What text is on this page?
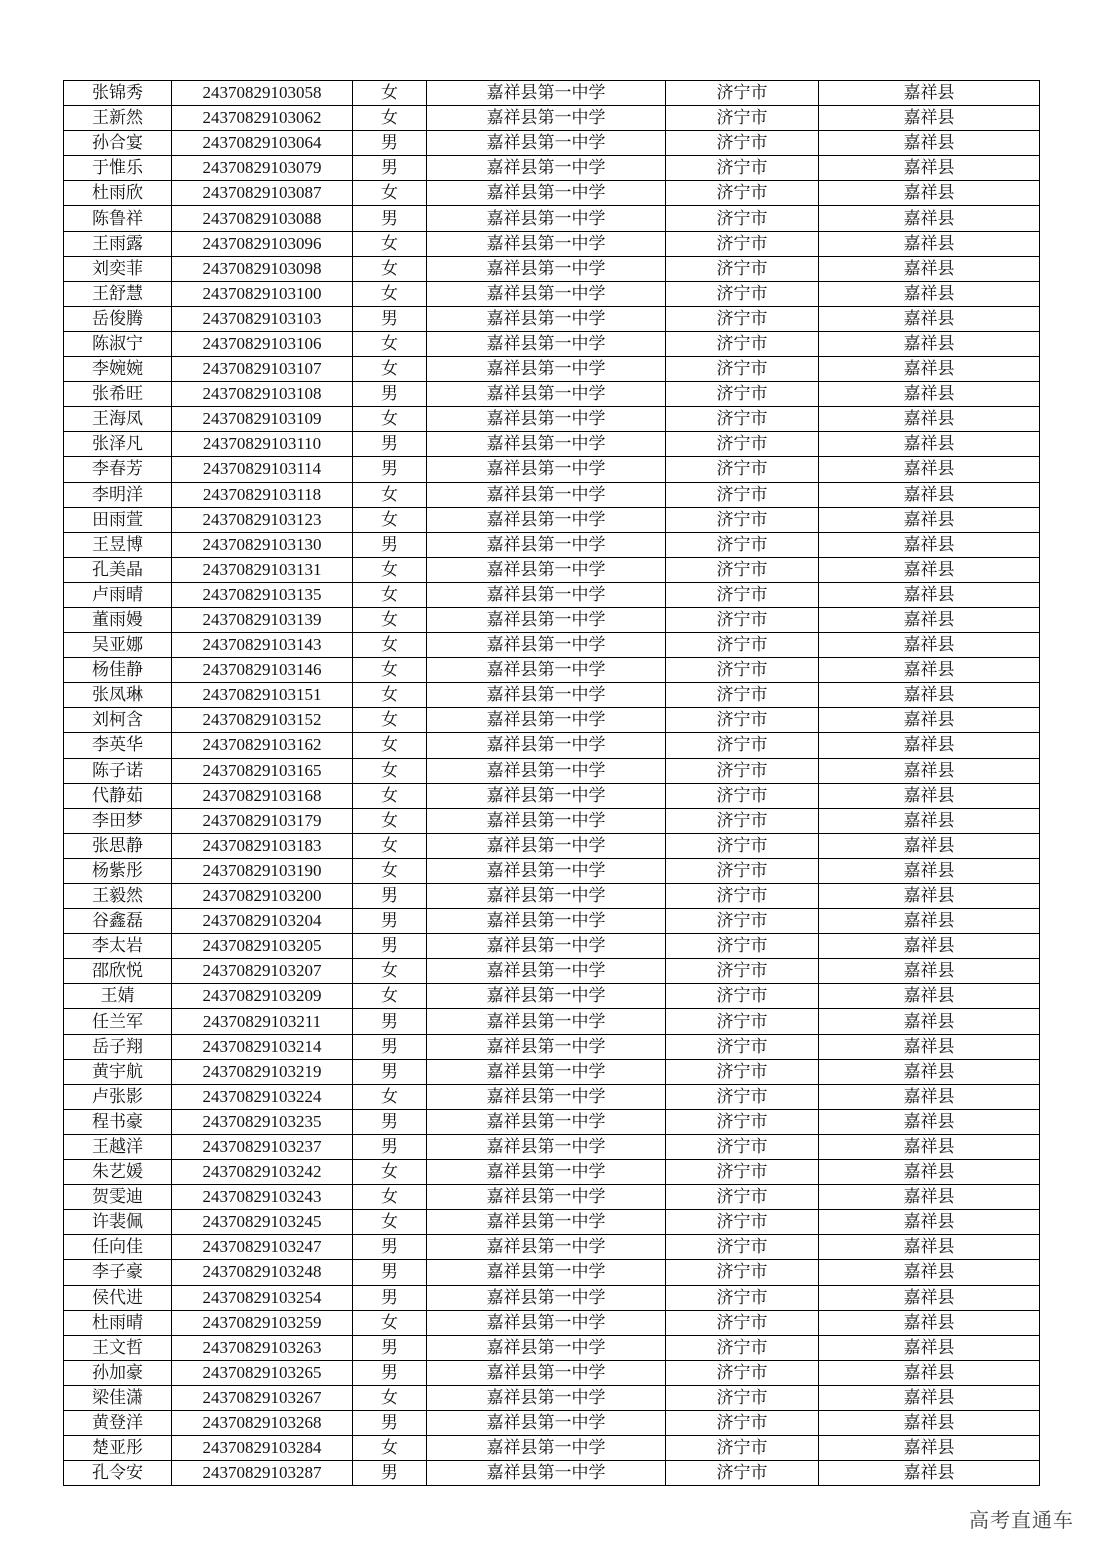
张锦秀	24370829103058	女	嘉祥县第一中学	济宁市	嘉祥县
王新然	24370829103062	女	嘉祥县第一中学	济宁市	嘉祥县
孙合宴	24370829103064	男	嘉祥县第一中学	济宁市	嘉祥县
于惟乐	24370829103079	男	嘉祥县第一中学	济宁市	嘉祥县
杜雨欣	24370829103087	女	嘉祥县第一中学	济宁市	嘉祥县
陈鲁祥	24370829103088	男	嘉祥县第一中学	济宁市	嘉祥县
王雨露	24370829103096	女	嘉祥县第一中学	济宁市	嘉祥县
刘奕菲	24370829103098	女	嘉祥县第一中学	济宁市	嘉祥县
王舒慧	24370829103100	女	嘉祥县第一中学	济宁市	嘉祥县
岳俊腾	24370829103103	男	嘉祥县第一中学	济宁市	嘉祥县
陈淑宁	24370829103106	女	嘉祥县第一中学	济宁市	嘉祥县
李婉婉	24370829103107	女	嘉祥县第一中学	济宁市	嘉祥县
张希旺	24370829103108	男	嘉祥县第一中学	济宁市	嘉祥县
王海凤	24370829103109	女	嘉祥县第一中学	济宁市	嘉祥县
张泽凡	24370829103110	男	嘉祥县第一中学	济宁市	嘉祥县
李春芳	24370829103114	男	嘉祥县第一中学	济宁市	嘉祥县
李明洋	24370829103118	女	嘉祥县第一中学	济宁市	嘉祥县
田雨萱	24370829103123	女	嘉祥县第一中学	济宁市	嘉祥县
王昱博	24370829103130	男	嘉祥县第一中学	济宁市	嘉祥县
孔美晶	24370829103131	女	嘉祥县第一中学	济宁市	嘉祥县
卢雨晴	24370829103135	女	嘉祥县第一中学	济宁市	嘉祥县
董雨嫚	24370829103139	女	嘉祥县第一中学	济宁市	嘉祥县
吴亚娜	24370829103143	女	嘉祥县第一中学	济宁市	嘉祥县
杨佳静	24370829103146	女	嘉祥县第一中学	济宁市	嘉祥县
张凤琳	24370829103151	女	嘉祥县第一中学	济宁市	嘉祥县
刘柯含	24370829103152	女	嘉祥县第一中学	济宁市	嘉祥县
李英华	24370829103162	女	嘉祥县第一中学	济宁市	嘉祥县
陈子诺	24370829103165	女	嘉祥县第一中学	济宁市	嘉祥县
代静茹	24370829103168	女	嘉祥县第一中学	济宁市	嘉祥县
李田梦	24370829103179	女	嘉祥县第一中学	济宁市	嘉祥县
张思静	24370829103183	女	嘉祥县第一中学	济宁市	嘉祥县
杨紫彤	24370829103190	女	嘉祥县第一中学	济宁市	嘉祥县
王毅然	24370829103200	男	嘉祥县第一中学	济宁市	嘉祥县
谷鑫磊	24370829103204	男	嘉祥县第一中学	济宁市	嘉祥县
李太岩	24370829103205	男	嘉祥县第一中学	济宁市	嘉祥县
邵欣悦	24370829103207	女	嘉祥县第一中学	济宁市	嘉祥县
王婧	24370829103209	女	嘉祥县第一中学	济宁市	嘉祥县
任兰军	24370829103211	男	嘉祥县第一中学	济宁市	嘉祥县
岳子翔	24370829103214	男	嘉祥县第一中学	济宁市	嘉祥县
黄宇航	24370829103219	男	嘉祥县第一中学	济宁市	嘉祥县
卢张影	24370829103224	女	嘉祥县第一中学	济宁市	嘉祥县
程书豪	24370829103235	男	嘉祥县第一中学	济宁市	嘉祥县
王越洋	24370829103237	男	嘉祥县第一中学	济宁市	嘉祥县
朱艺媛	24370829103242	女	嘉祥县第一中学	济宁市	嘉祥县
贺雯迪	24370829103243	女	嘉祥县第一中学	济宁市	嘉祥县
许裴佩	24370829103245	女	嘉祥县第一中学	济宁市	嘉祥县
任向佳	24370829103247	男	嘉祥县第一中学	济宁市	嘉祥县
李子豪	24370829103248	男	嘉祥县第一中学	济宁市	嘉祥县
侯代进	24370829103254	男	嘉祥县第一中学	济宁市	嘉祥县
杜雨晴	24370829103259	女	嘉祥县第一中学	济宁市	嘉祥县
王文哲	24370829103263	男	嘉祥县第一中学	济宁市	嘉祥县
孙加豪	24370829103265	男	嘉祥县第一中学	济宁市	嘉祥县
梁佳潇	24370829103267	女	嘉祥县第一中学	济宁市	嘉祥县
黄登洋	24370829103268	男	嘉祥县第一中学	济宁市	嘉祥县
楚亚彤	24370829103284	女	嘉祥县第一中学	济宁市	嘉祥县
孔令安	24370829103287	男	嘉祥县第一中学	济宁市	嘉祥县
高考直通车
